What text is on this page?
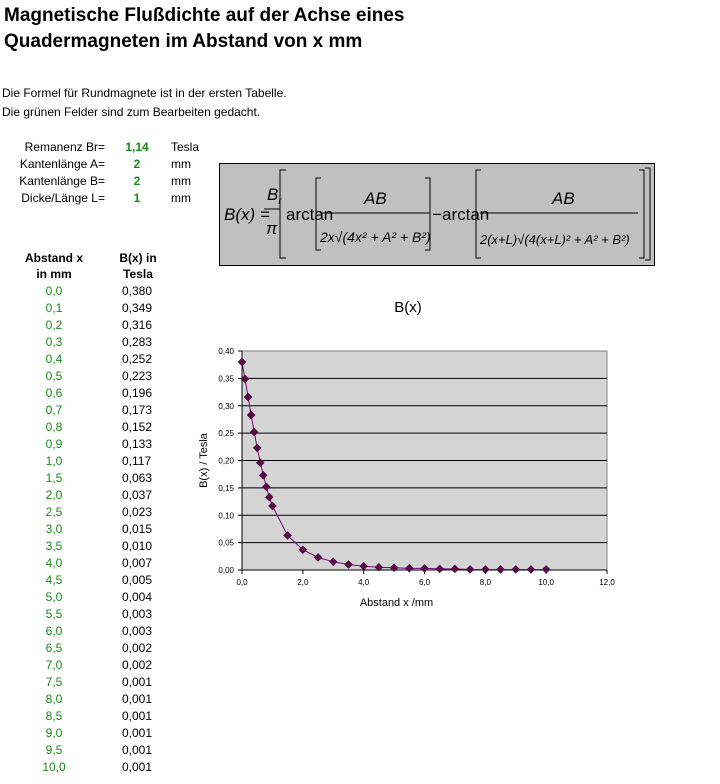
Magnetische Flußdichte auf der Achse eines
Quadermagneten im Abstand von x mm
Die Formel für Rundmagnete ist in der ersten Tabelle.
Die grünen Felder sind zum Bearbeiten gedacht.
Remanenz Br= 1,14 Tesla
Kantenlänge A=	2	mm
Kantenlänge B=	2	mm
Dicke/Länge L=	1	mm
B(x) =
$B_r$
π
arctan
AB
2x√(4x² + A² + B²)
− arctan
AB
2(x+L)√(4(x+L)² + A² + B²)
Abstand x
in mm
B(x) in
Tesla
0,0	0,380
0,1	0,349
0,2	0,316
0,3	0,283
0,4	0,252
0,5	0,223
0,6	0,196
0,7	0,173
0,8	0,152
0,9	0,133
1,0	0,117
1,5	0,063
2,0	0,037
2,5	0,023
3,0	0,015
3,5	0,010
4,0	0,007
4,5	0,005
5,0	0,004
5,5	0,003
6,0	0,003
6,5	0,002
7,0	0,002
7,5	0,001
8,0	0,001
8,5	0,001
9,0	0,001
9,5	0,001
10,0	0,001
B(x)
0,00
0,05
0,10
0,15
0,20
0,25
0,30
0,35
0,40
0,0	2,0	4,0	6,0	8,0	10,0	12,0
Abstand x /mm
B(x) / Tesla
